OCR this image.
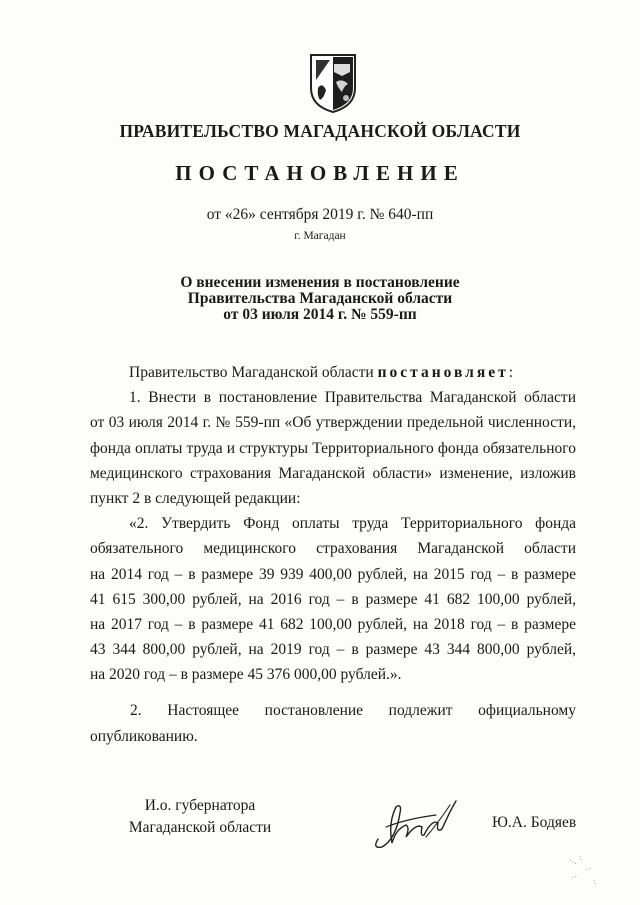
ПРАВИТЕЛЬСТВО МАГАДАНСКОЙ ОБЛАСТИ
ПОСТАНОВЛЕНИЕ
от «26» сентября 2019 г. № 640-пп
г. Магадан
О внесении изменения в постановление
Правительства Магаданской области
от 03 июля 2014 г. № 559-пп
Правительство Магаданской области постановляет:
1. Внести в постановление Правительства Магаданской области
от 03 июля 2014 г. № 559-пп «Об утверждении предельной численности,
фонда оплаты труда и структуры Территориального фонда обязательного
медицинского страхования Магаданской области» изменение, изложив
пункт 2 в следующей редакции:
«2. Утвердить Фонд оплаты труда Территориального фонда
обязательного медицинского страхования Магаданской области
на 2014 год – в размере 39 939 400,00 рублей, на 2015 год – в размере
41 615 300,00 рублей, на 2016 год – в размере 41 682 100,00 рублей,
на 2017 год – в размере 41 682 100,00 рублей, на 2018 год – в размере
43 344 800,00 рублей, на 2019 год – в размере 43 344 800,00 рублей,
на 2020 год – в размере 45 376 000,00 рублей.».
2. Настоящее постановление подлежит официальному
опубликованию.
И.о. губернатора
Магаданской области	Ю.А. Бодяев
